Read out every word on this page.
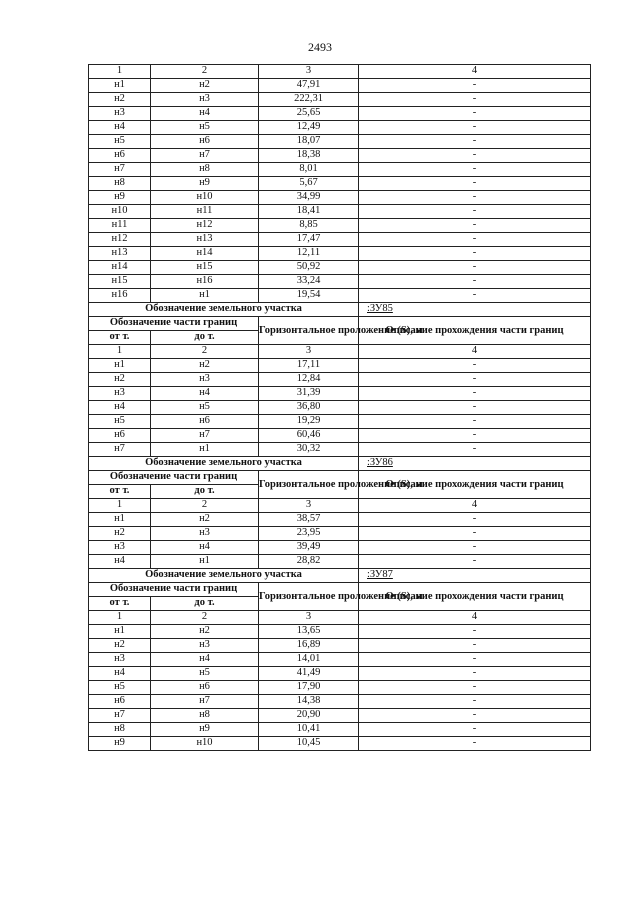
2493
1	2	3	4
н1	н2	47,91	-
н2	н3	222,31	-
н3	н4	25,65	-
н4	н5	12,49	-
н5	н6	18,07	-
н6	н7	18,38	-
н7	н8	8,01	-
н8	н9	5,67	-
н9	н10	34,99	-
н10	н11	18,41	-
н11	н12	8,85	-
н12	н13	17,47	-
н13	н14	12,11	-
н14	н15	50,92	-
н15	н16	33,24	-
н16	н1	19,54	-
Обозначение земельного участка			:ЗУ85
Обозначение части границ		Горизонтальное проложение (S), м	Описание прохождения части границ
от т.	до т.		
1	2	3	4
н1	н2	17,11	-
н2	н3	12,84	-
н3	н4	31,39	-
н4	н5	36,80	-
н5	н6	19,29	-
н6	н7	60,46	-
н7	н1	30,32	-
Обозначение земельного участка			:ЗУ86
Обозначение части границ		Горизонтальное проложение (S), м	Описание прохождения части границ
от т.	до т.		
1	2	3	4
н1	н2	38,57	-
н2	н3	23,95	-
н3	н4	39,49	-
н4	н1	28,82	-
Обозначение земельного участка			:ЗУ87
Обозначение части границ		Горизонтальное проложение (S), м	Описание прохождения части границ
от т.	до т.		
1	2	3	4
н1	н2	13,65	-
н2	н3	16,89	-
н3	н4	14,01	-
н4	н5	41,49	-
н5	н6	17,90	-
н6	н7	14,38	-
н7	н8	20,90	-
н8	н9	10,41	-
н9	н10	10,45	-
